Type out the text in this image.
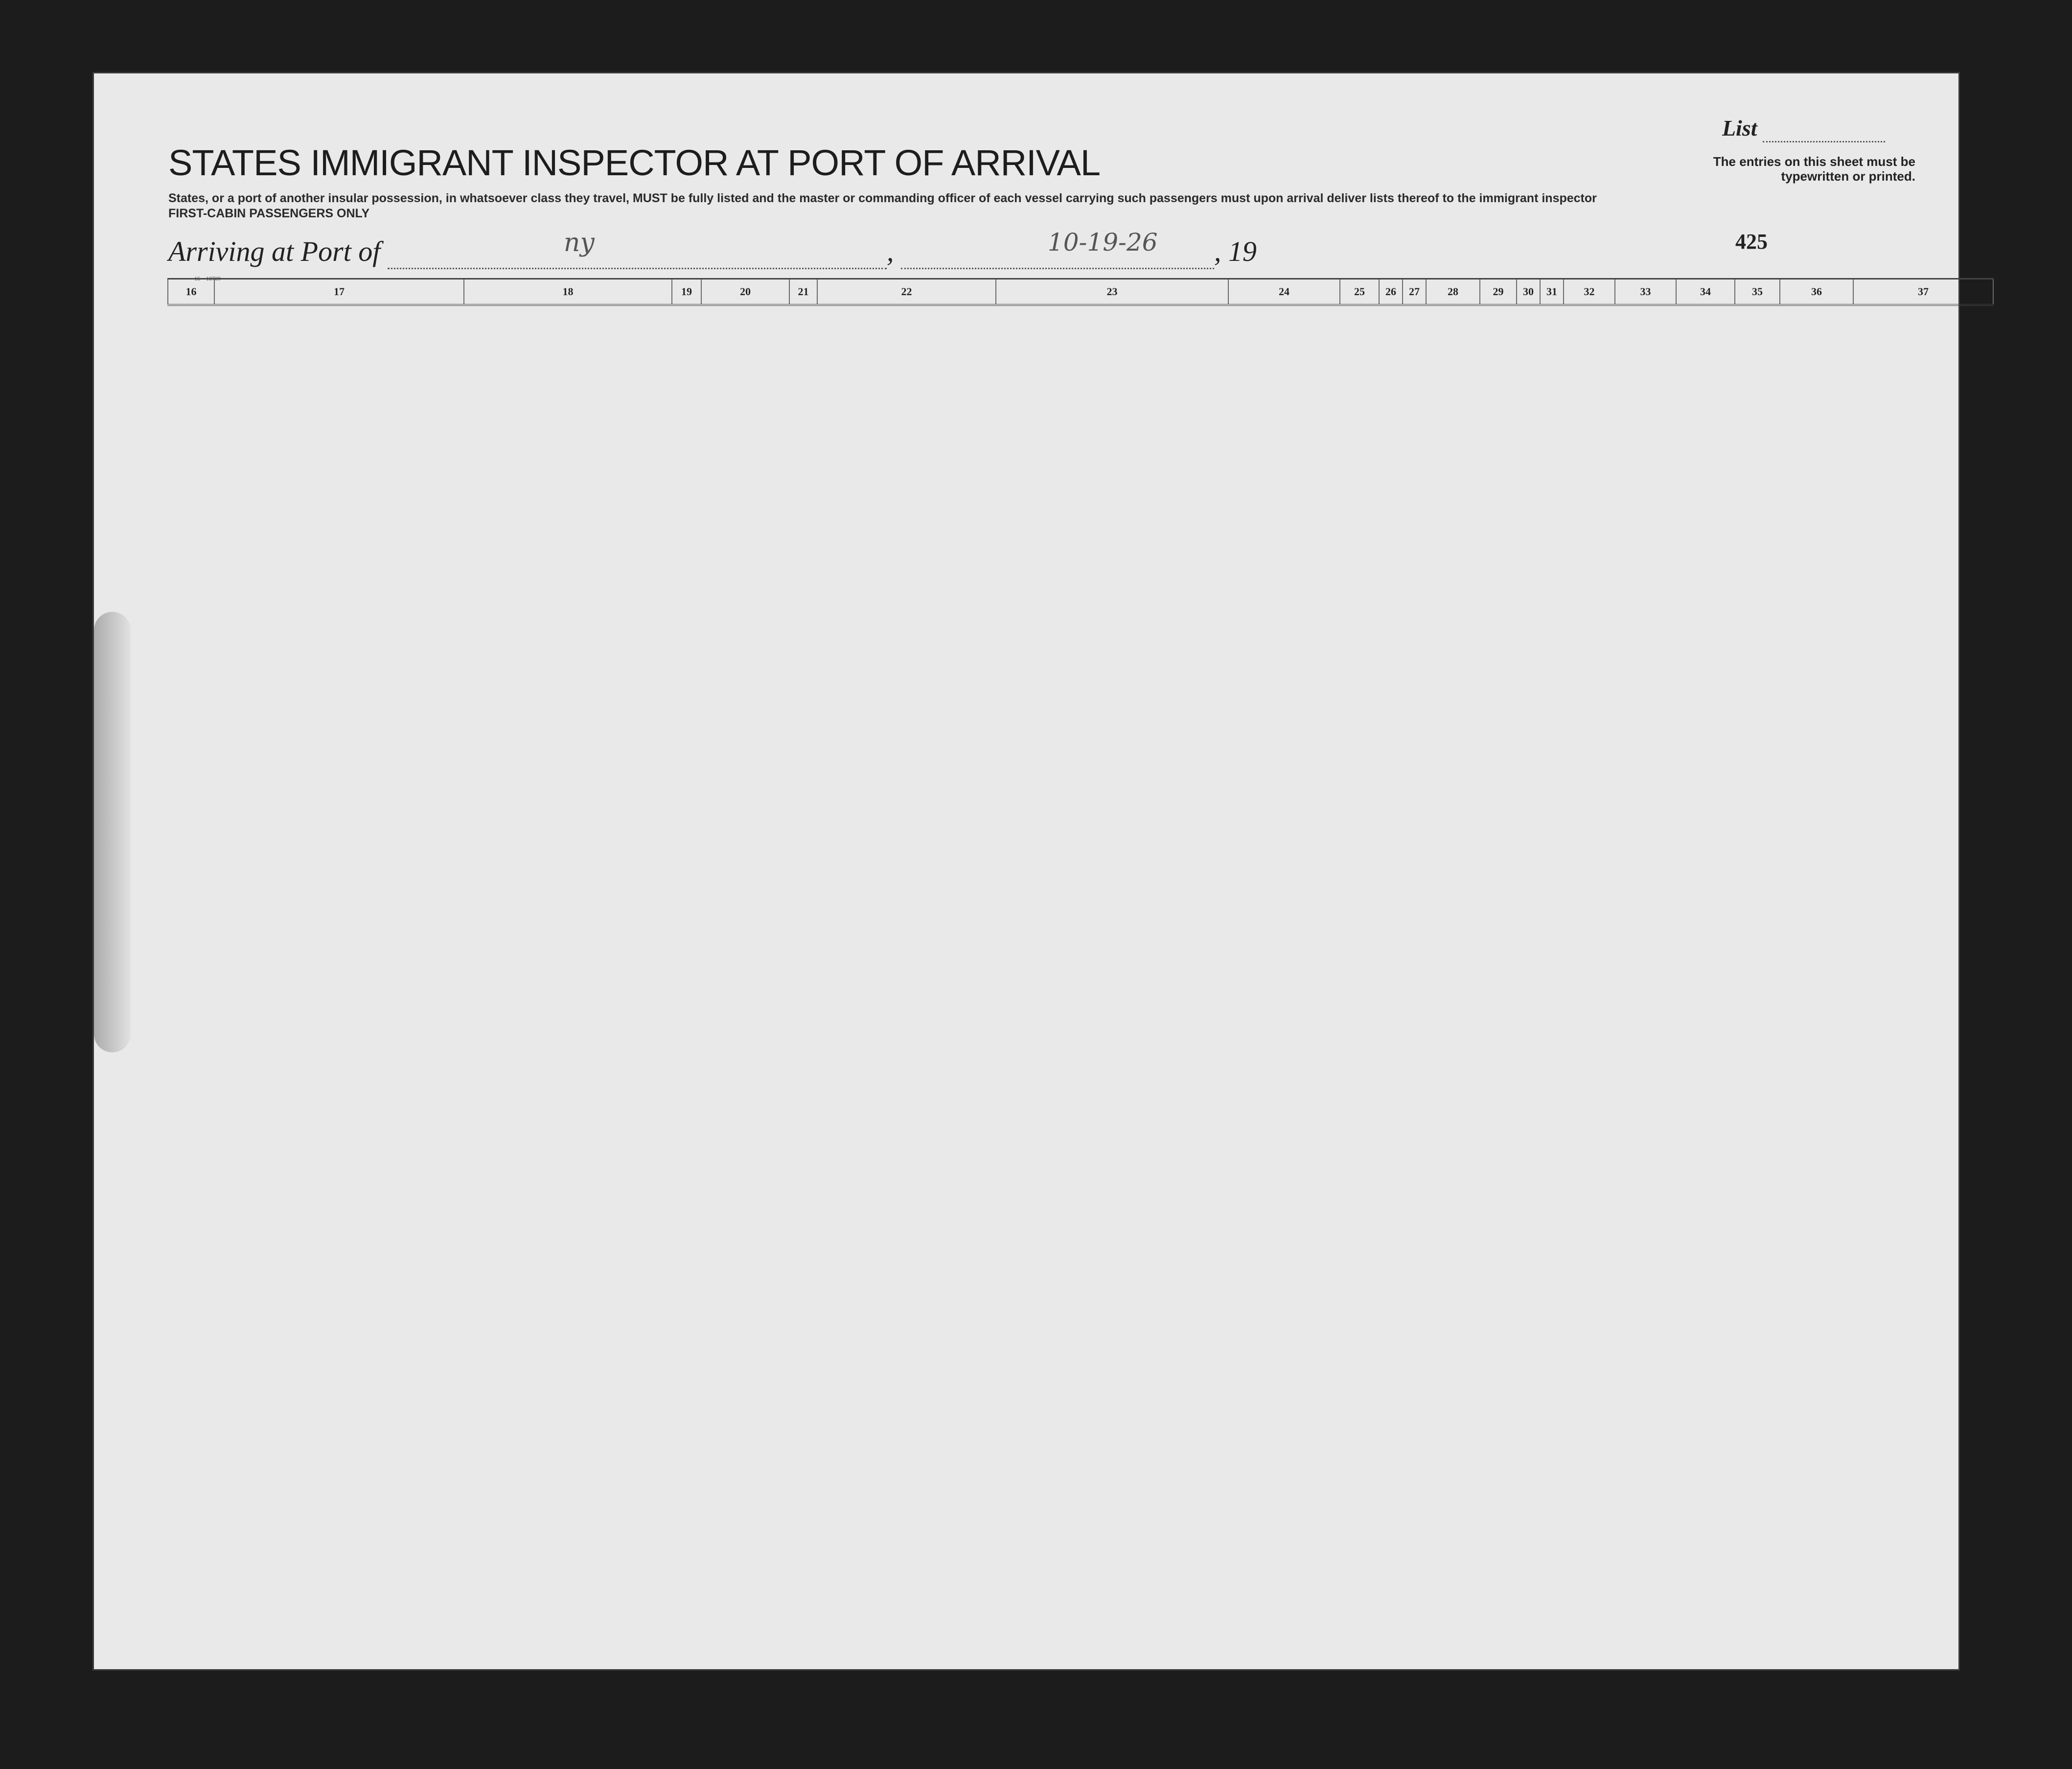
STATES IMMIGRANT INSPECTOR AT PORT OF ARRIVAL
States, or a port of another insular possession, in whatsoever class they travel, MUST be fully listed and the master or commanding officer of each vessel carrying such passengers must upon arrival deliver lists thereof to the immigrant inspector
FIRST-CABIN PASSENGERS ONLY
Arriving at Port of	ny	,	10-19-26 , 19
List
The entries on this sheet must be typewritten or printed.
425
16—18709
16	17	18	19	20	21	22	23	24	25	26	27	28	29	30	31	32	33	34	35	36	37
